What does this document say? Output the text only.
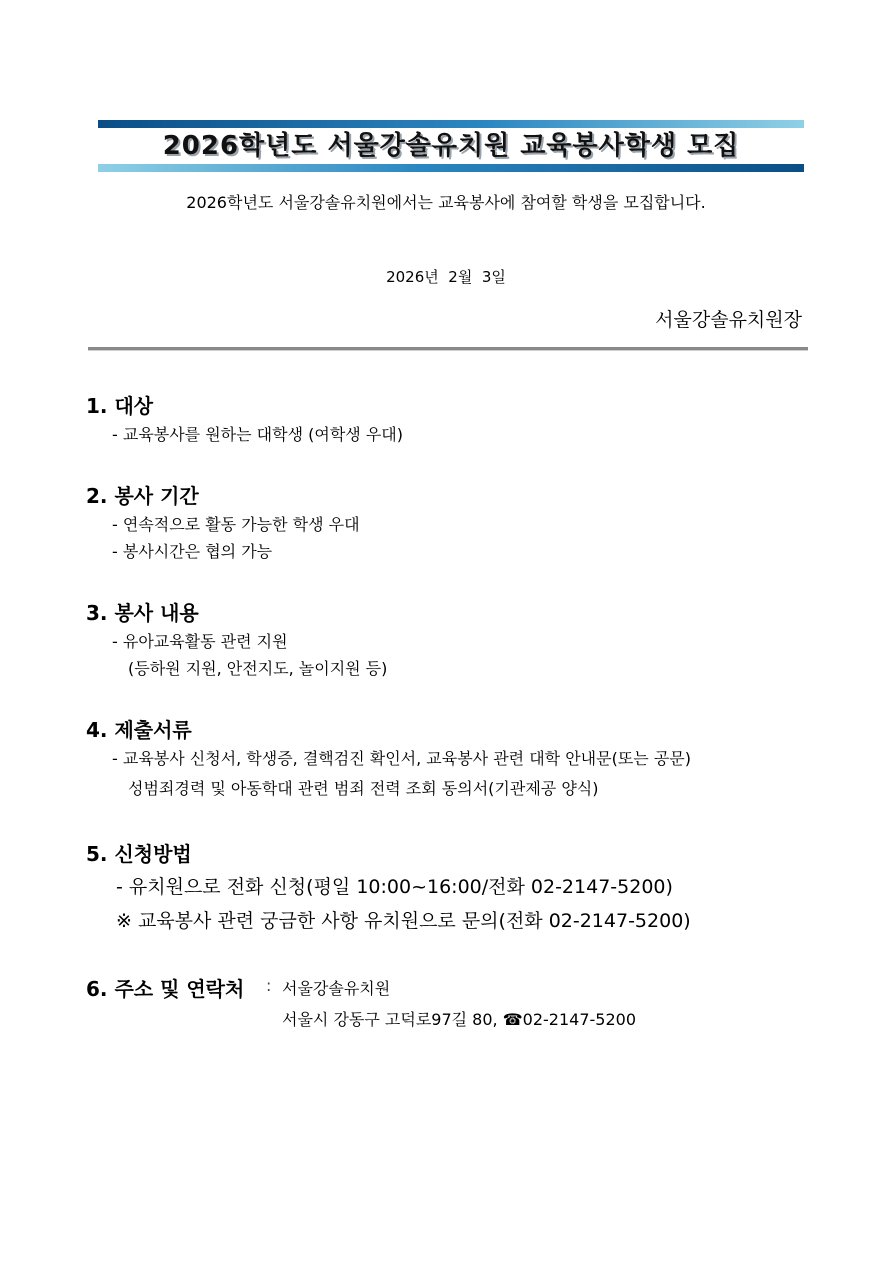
2026학년도 서울강솔유치원 교육봉사학생 모집
2026학년도 서울강솔유치원에서는 교육봉사에 참여할 학생을 모집합니다.
2026년  2월  3일
서울강솔유치원장
1. 대상
- 교육봉사를 원하는 대학생 (여학생 우대)
2. 봉사 기간
- 연속적으로 활동 가능한 학생 우대
- 봉사시간은 협의 가능
3. 봉사 내용
- 유아교육활동 관련 지원
(등하원 지원, 안전지도, 놀이지원 등)
4. 제출서류
- 교육봉사 신청서, 학생증, 결핵검진 확인서, 교육봉사 관련 대학 안내문(또는 공문)
성범죄경력 및 아동학대 관련 범죄 전력 조회 동의서(기관제공 양식)
5. 신청방법
- 유치원으로 전화 신청(평일 10:00~16:00/전화 02-2147-5200)
※ 교육봉사 관련 궁금한 사항 유치원으로 문의(전화 02-2147-5200)
6. 주소 및 연락처 : 서울강솔유치원
서울시 강동구 고덕로97길 80, ☎02-2147-5200
